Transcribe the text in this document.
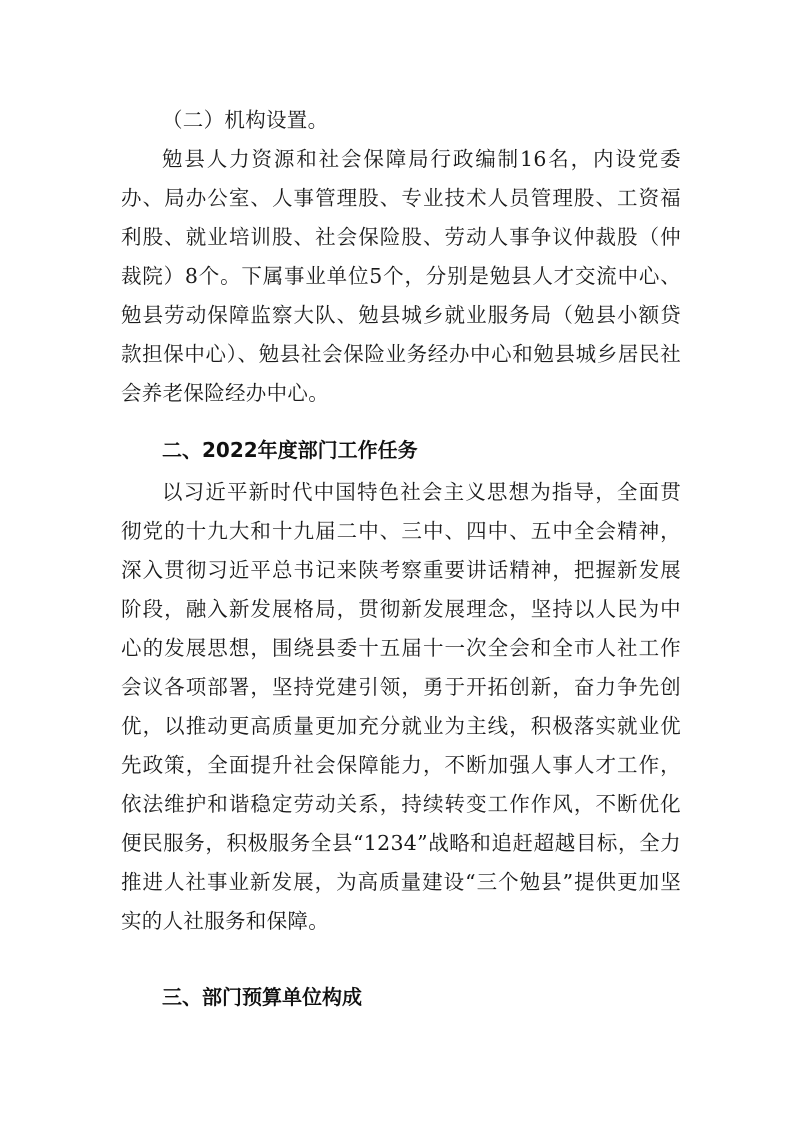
（二）机构设置。

勉县人力资源和社会保障局行政编制16名，内设党委办、局办公室、人事管理股、专业技术人员管理股、工资福利股、就业培训股、社会保险股、劳动人事争议仲裁股（仲裁院）8个。下属事业单位5个，分别是勉县人才交流中心、勉县劳动保障监察大队、勉县城乡就业服务局（勉县小额贷款担保中心）、勉县社会保险业务经办中心和勉县城乡居民社会养老保险经办中心。

二、2022年度部门工作任务

以习近平新时代中国特色社会主义思想为指导，全面贯彻党的十九大和十九届二中、三中、四中、五中全会精神，深入贯彻习近平总书记来陕考察重要讲话精神，把握新发展阶段，融入新发展格局，贯彻新发展理念，坚持以人民为中心的发展思想，围绕县委十五届十一次全会和全市人社工作会议各项部署，坚持党建引领，勇于开拓创新，奋力争先创优，以推动更高质量更加充分就业为主线，积极落实就业优先政策，全面提升社会保障能力，不断加强人事人才工作，依法维护和谐稳定劳动关系，持续转变工作作风，不断优化便民服务，积极服务全县“1234”战略和追赶超越目标，全力推进人社事业新发展，为高质量建设“三个勉县”提供更加坚实的人社服务和保障。

三、部门预算单位构成
